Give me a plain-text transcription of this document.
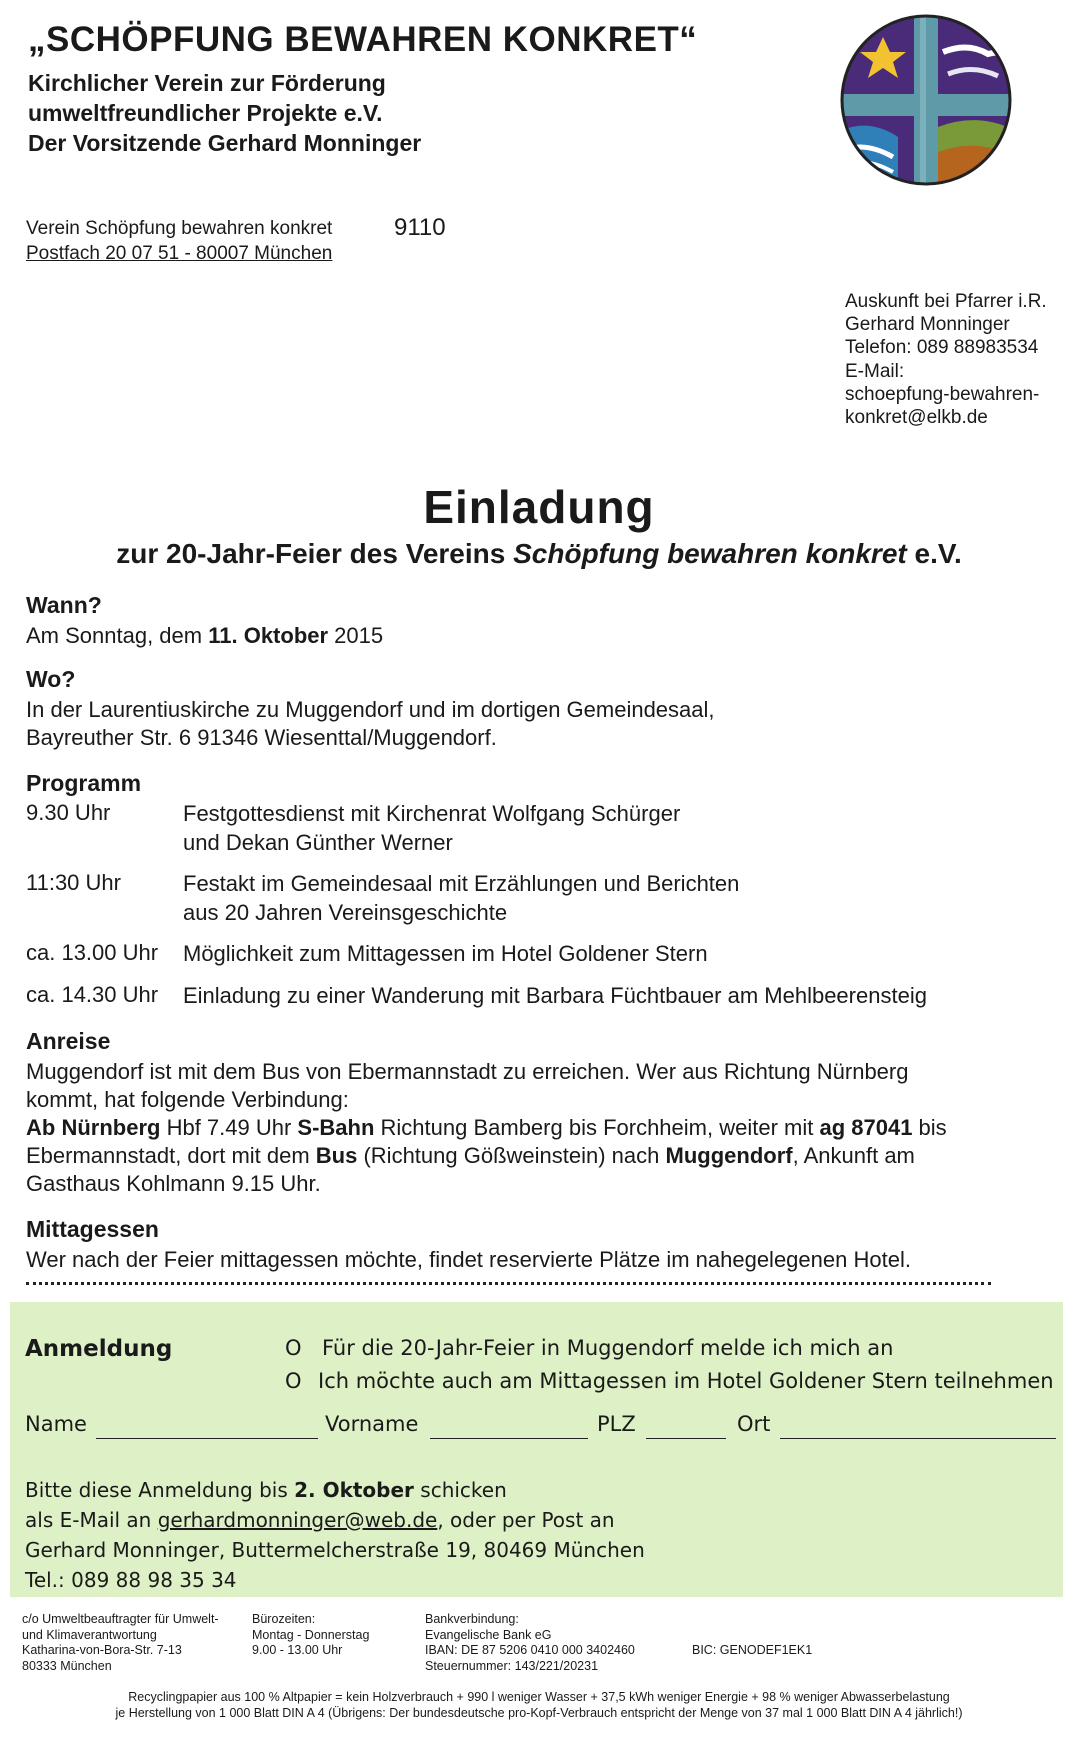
„SCHÖPFUNG BEWAHREN KONKRET“
Kirchlicher Verein zur Förderung
umweltfreundlicher Projekte e.V.
Der Vorsitzende Gerhard Monninger
Verein Schöpfung bewahren konkret
Postfach 20 07 51 - 80007 München
9110
Auskunft bei Pfarrer i.R.
Gerhard Monninger
Telefon: 089 88983534
E-Mail:
schoepfung-bewahren-
konkret@elkb.de
Einladung
zur 20-Jahr-Feier des Vereins Schöpfung bewahren konkret e.V.
Wann?
Am Sonntag, dem 11. Oktober 2015
Wo?
In der Laurentiuskirche zu Muggendorf und im dortigen Gemeindesaal,
Bayreuther Str. 6 91346 Wiesenttal/Muggendorf.
Programm
9.30 Uhr	Festgottesdienst mit Kirchenrat Wolfgang Schürger
und Dekan Günther Werner
11:30 Uhr	Festakt im Gemeindesaal mit Erzählungen und Berichten
aus 20 Jahren Vereinsgeschichte
ca. 13.00 Uhr Möglichkeit zum Mittagessen im Hotel Goldener Stern
ca. 14.30 Uhr Einladung zu einer Wanderung mit Barbara Füchtbauer am Mehlbeerensteig
Anreise
Muggendorf ist mit dem Bus von Ebermannstadt zu erreichen. Wer aus Richtung Nürnberg
kommt, hat folgende Verbindung:
Ab Nürnberg Hbf 7.49 Uhr S-Bahn Richtung Bamberg bis Forchheim, weiter mit ag 87041 bis
Ebermannstadt, dort mit dem Bus (Richtung Gößweinstein) nach Muggendorf, Ankunft am
Gasthaus Kohlmann 9.15 Uhr.
Mittagessen
Wer nach der Feier mittagessen möchte, findet reservierte Plätze im nahegelegenen Hotel.
Anmeldung	O Für die 20-Jahr-Feier in Muggendorf melde ich mich an
O Ich möchte auch am Mittagessen im Hotel Goldener Stern teilnehmen
Name	Vorname	PLZ	Ort
Bitte diese Anmeldung bis 2. Oktober schicken
als E-Mail an gerhardmonninger@web.de, oder per Post an
Gerhard Monninger, Buttermelcherstraße 19, 80469 München
Tel.: 089 88 98 35 34
c/o Umweltbeauftragter für Umwelt-
und Klimaverantwortung
Katharina-von-Bora-Str. 7-13
80333 München
Bürozeiten:
Montag - Donnerstag
9.00 - 13.00 Uhr
Bankverbindung:
Evangelische Bank eG
IBAN: DE 87 5206 0410 000 3402460
Steuernummer: 143/221/20231
BIC: GENODEF1EK1
Recyclingpapier aus 100 % Altpapier = kein Holzverbrauch + 990 l weniger Wasser + 37,5 kWh weniger Energie + 98 % weniger Abwasserbelastung
je Herstellung von 1 000 Blatt DIN A 4 (Übrigens: Der bundesdeutsche pro-Kopf-Verbrauch entspricht der Menge von 37 mal 1 000 Blatt DIN A 4 jährlich!)
